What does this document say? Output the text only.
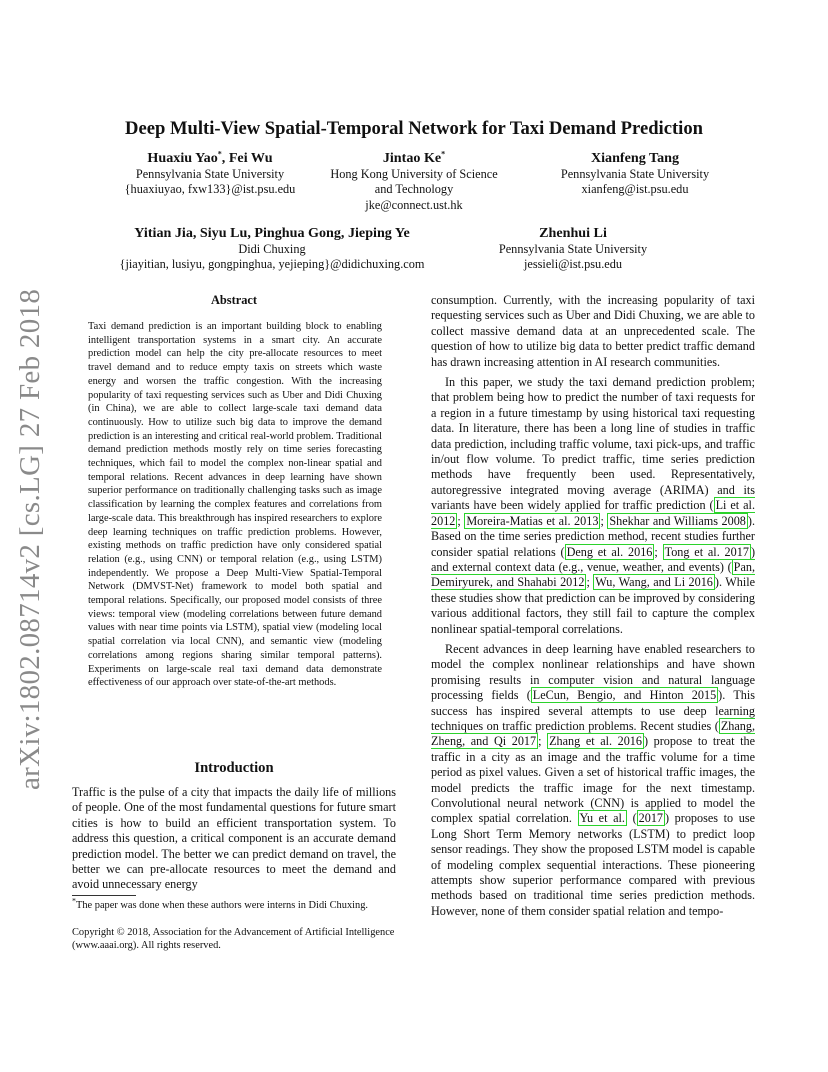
arXiv:1802.08714v2 [cs.LG] 27 Feb 2018
Deep Multi-View Spatial-Temporal Network for Taxi Demand Prediction
Huaxiu Yao*, Fei Wu
Pennsylvania State University
{huaxiuyao, fxw133}@ist.psu.edu
Jintao Ke*
Hong Kong University of Science
and Technology
jke@connect.ust.hk
Xianfeng Tang
Pennsylvania State University
xianfeng@ist.psu.edu
Yitian Jia, Siyu Lu, Pinghua Gong, Jieping Ye
Didi Chuxing
{jiayitian, lusiyu, gongpinghua, yejieping}@didichuxing.com
Zhenhui Li
Pennsylvania State University
jessieli@ist.psu.edu
Abstract
Taxi demand prediction is an important building block to enabling intelligent transportation systems in a smart city. An accurate prediction model can help the city pre-allocate resources to meet travel demand and to reduce empty taxis on streets which waste energy and worsen the traffic congestion. With the increasing popularity of taxi requesting services such as Uber and Didi Chuxing (in China), we are able to collect large-scale taxi demand data continuously. How to utilize such big data to improve the demand prediction is an interesting and critical real-world problem. Traditional demand prediction methods mostly rely on time series forecasting techniques, which fail to model the complex non-linear spatial and temporal relations. Recent advances in deep learning have shown superior performance on traditionally challenging tasks such as image classification by learning the complex features and correlations from large-scale data. This breakthrough has inspired researchers to explore deep learning techniques on traffic prediction problems. However, existing methods on traffic prediction have only considered spatial relation (e.g., using CNN) or temporal relation (e.g., using LSTM) independently. We propose a Deep Multi-View Spatial-Temporal Network (DMVST-Net) framework to model both spatial and temporal relations. Specifically, our proposed model consists of three views: temporal view (modeling correlations between future demand values with near time points via LSTM), spatial view (modeling local spatial correlation via local CNN), and semantic view (modeling correlations among regions sharing similar temporal patterns). Experiments on large-scale real taxi demand data demonstrate effectiveness of our approach over state-of-the-art methods.
Introduction
Traffic is the pulse of a city that impacts the daily life of millions of people. One of the most fundamental questions for future smart cities is how to build an efficient transportation system. To address this question, a critical component is an accurate demand prediction model. The better we can predict demand on travel, the better we can pre-allocate resources to meet the demand and avoid unnecessary energy
*The paper was done when these authors were interns in Didi Chuxing.
Copyright © 2018, Association for the Advancement of Artificial Intelligence (www.aaai.org). All rights reserved.

consumption. Currently, with the increasing popularity of taxi requesting services such as Uber and Didi Chuxing, we are able to collect massive demand data at an unprecedented scale. The question of how to utilize big data to better predict traffic demand has drawn increasing attention in AI research communities.

In this paper, we study the taxi demand prediction problem; that problem being how to predict the number of taxi requests for a region in a future timestamp by using historical taxi requesting data. In literature, there has been a long line of studies in traffic data prediction, including traffic volume, taxi pick-ups, and traffic in/out flow volume. To predict traffic, time series prediction methods have frequently been used. Representatively, autoregressive integrated moving average (ARIMA) and its variants have been widely applied for traffic prediction ( Li et al. 2012 ; Moreira-Matias et al. 2013 ; Shekhar and Williams 2008 ). Based on the time series prediction method, recent studies further consider spatial relations ( Deng et al. 2016 ; Tong et al. 2017 ) and external context data (e.g., venue, weather, and events) ( Pan, Demiryurek, and Shahabi 2012 ; Wu, Wang, and Li 2016 ). While these studies show that prediction can be improved by considering various additional factors, they still fail to capture the complex nonlinear spatial-temporal correlations.

Recent advances in deep learning have enabled researchers to model the complex nonlinear relationships and have shown promising results in computer vision and natural language processing fields ( LeCun, Bengio, and Hinton 2015 ). This success has inspired several attempts to use deep learning techniques on traffic prediction problems. Recent studies ( Zhang, Zheng, and Qi 2017 ; Zhang et al. 2016 ) propose to treat the traffic in a city as an image and the traffic volume for a time period as pixel values. Given a set of historical traffic images, the model predicts the traffic image for the next timestamp. Convolutional neural network (CNN) is applied to model the complex spatial correlation. Yu et al. ( 2017 ) proposes to use Long Short Term Memory networks (LSTM) to predict loop sensor readings. They show the proposed LSTM model is capable of modeling complex sequential interactions. These pioneering attempts show superior performance compared with previous methods based on traditional time series prediction methods. However, none of them consider spatial relation and tempo-
